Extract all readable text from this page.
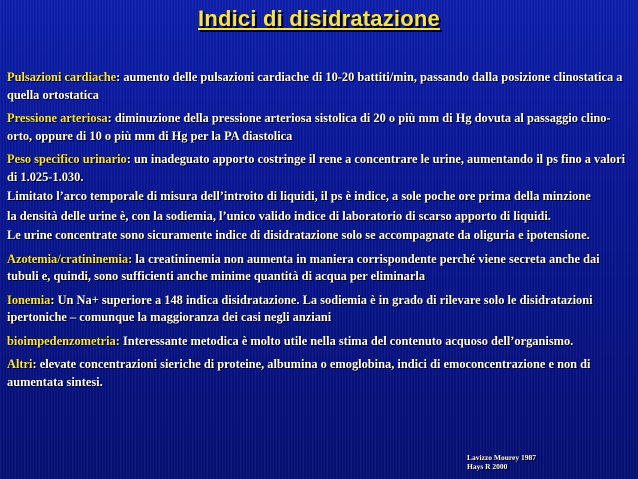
Indici di disidratazione
Pulsazioni cardiache: aumento delle pulsazioni cardiache di 10-20 battiti/min, passando dalla posizione clinostatica a quella ortostatica
Pressione arteriosa: diminuzione della pressione arteriosa sistolica di 20 o più mm di Hg dovuta al passaggio clino-orto, oppure di 10 o più mm di Hg per la PA diastolica
Peso specifico urinario: un inadeguato apporto costringe il rene a concentrare le urine, aumentando il ps fino a valori di 1.025-1.030.
Limitato l’arco temporale di misura dell’introito di liquidi, il ps è indice, a sole poche ore prima della minzione
la densità delle urine è, con la sodiemia, l’unico valido indice di laboratorio di scarso apporto di liquidi.
Le urine concentrate sono sicuramente indice di disidratazione solo se accompagnate da oliguria e ipotensione.
Azotemia/cratininemia: la creatininemia non aumenta in maniera corrispondente perché viene secreta anche dai tubuli e, quindi, sono sufficienti anche minime quantità di acqua per eliminarla
Ionemia: Un Na+ superiore a 148 indica disidratazione. La sodiemia è in grado di rilevare solo le disidratazioni ipertoniche – comunque la maggioranza dei casi negli anziani
bioimpedenzometria: Interessante metodica è molto utile nella stima del contenuto acquoso dell’organismo.
Altri: elevate concentrazioni sieriche di proteine, albumina o emoglobina, indici di emoconcentrazione e non di aumentata sintesi.
Lavizzo Mourey 1987
Hays R 2000
